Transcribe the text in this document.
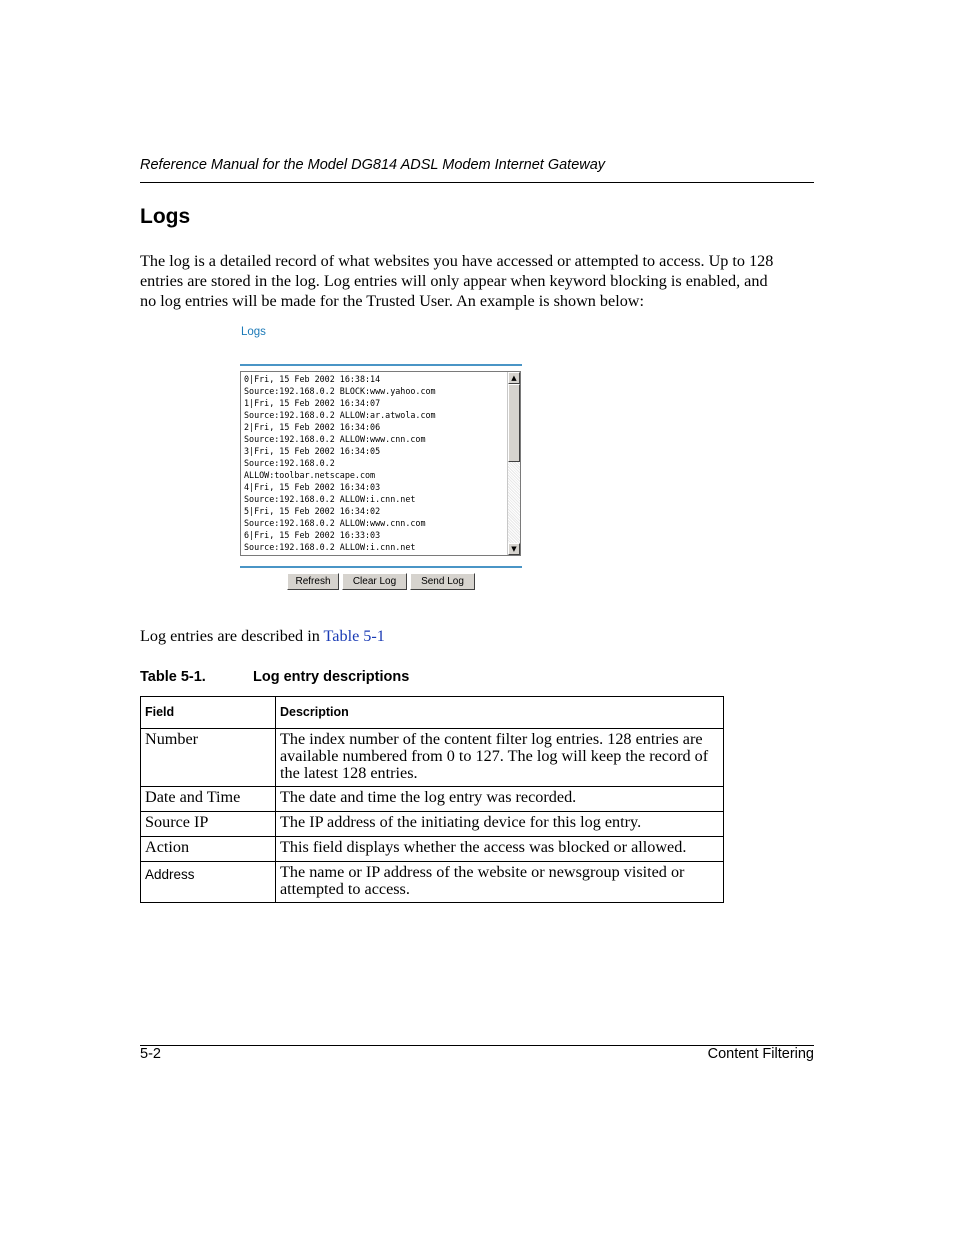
Reference Manual for the Model DG814 ADSL Modem Internet Gateway
Logs
The log is a detailed record of what websites you have accessed or attempted to access. Up to 128
entries are stored in the log. Log entries will only appear when keyword blocking is enabled, and
no log entries will be made for the Trusted User. An example is shown below:
Logs
0|Fri, 15 Feb 2002 16:38:14
Source:192.168.0.2 BLOCK:www.yahoo.com
1|Fri, 15 Feb 2002 16:34:07
Source:192.168.0.2 ALLOW:ar.atwola.com
2|Fri, 15 Feb 2002 16:34:06
Source:192.168.0.2 ALLOW:www.cnn.com
3|Fri, 15 Feb 2002 16:34:05
Source:192.168.0.2
ALLOW:toolbar.netscape.com
4|Fri, 15 Feb 2002 16:34:03
Source:192.168.0.2 ALLOW:i.cnn.net
5|Fri, 15 Feb 2002 16:34:02
Source:192.168.0.2 ALLOW:www.cnn.com
6|Fri, 15 Feb 2002 16:33:03
Source:192.168.0.2 ALLOW:i.cnn.net
▲
▼
Refresh	Clear Log	Send Log
Log entries are described in Table 5-1
Table 5-1.	Log entry descriptions
Field	Description
Number	The index number of the content filter log entries. 128 entries are available numbered from 0 to 127. The log will keep the record of the latest 128 entries.
Date and Time	The date and time the log entry was recorded.
Source IP	The IP address of the initiating device for this log entry.
Action	This field displays whether the access was blocked or allowed.
Address	The name or IP address of the website or newsgroup visited or attempted to access.
5-2	Content Filtering
